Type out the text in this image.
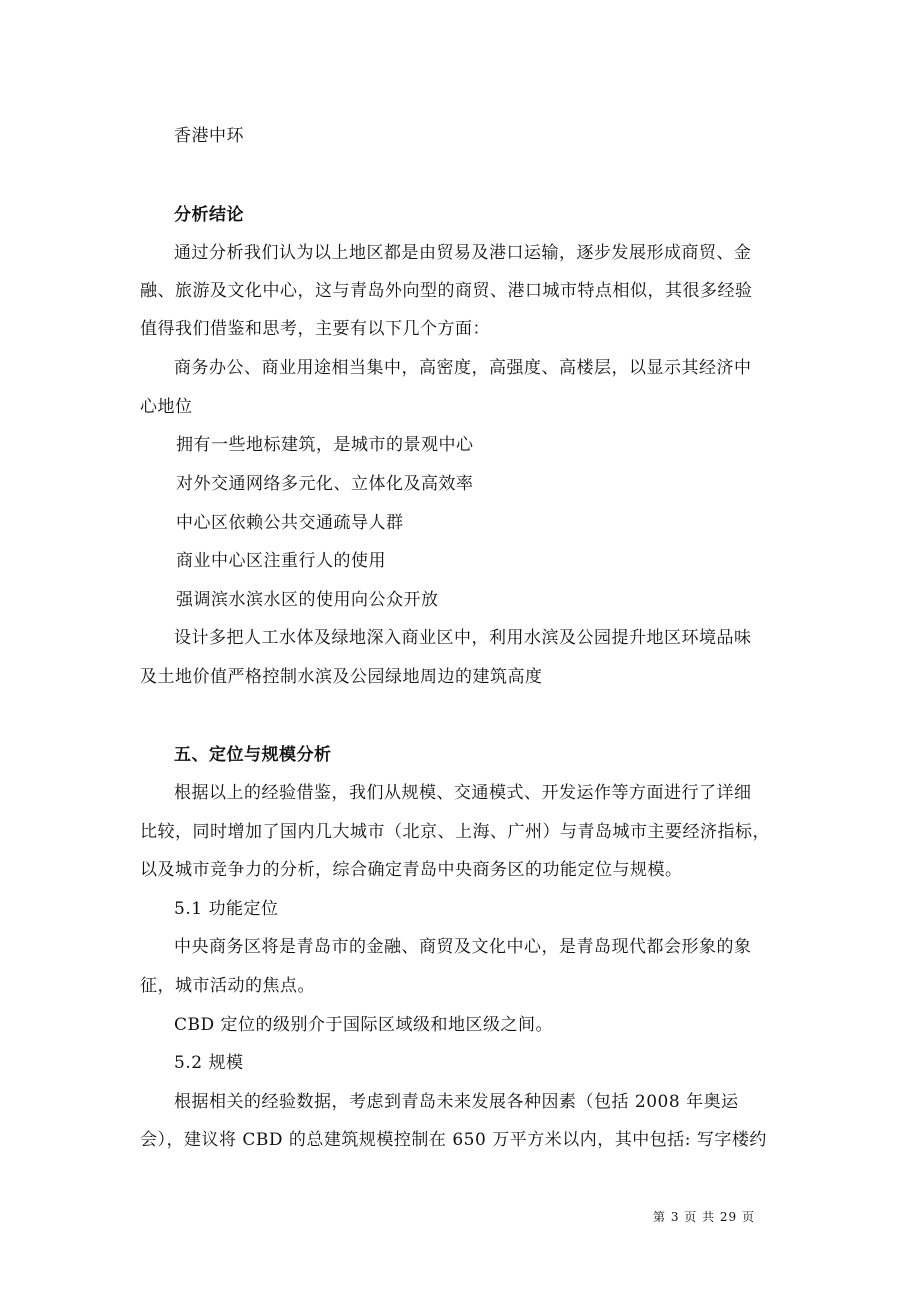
香港中环
分析结论
通过分析我们认为以上地区都是由贸易及港口运输，逐步发展形成商贸、金
融、旅游及文化中心，这与青岛外向型的商贸、港口城市特点相似，其很多经验
值得我们借鉴和思考，主要有以下几个方面：
商务办公、商业用途相当集中，高密度，高强度、高楼层，以显示其经济中
心地位
拥有一些地标建筑，是城市的景观中心
对外交通网络多元化、立体化及高效率
中心区依赖公共交通疏导人群
商业中心区注重行人的使用
强调滨水滨水区的使用向公众开放
设计多把人工水体及绿地深入商业区中，利用水滨及公园提升地区环境品味
及土地价值严格控制水滨及公园绿地周边的建筑高度
五、定位与规模分析
根据以上的经验借鉴，我们从规模、交通模式、开发运作等方面进行了详细
比较，同时增加了国内几大城市（北京、上海、广州）与青岛城市主要经济指标，
以及城市竞争力的分析，综合确定青岛中央商务区的功能定位与规模。
5.1 功能定位
中央商务区将是青岛市的金融、商贸及文化中心，是青岛现代都会形象的象
征，城市活动的焦点。
CBD 定位的级别介于国际区域级和地区级之间。
5.2 规模
根据相关的经验数据，考虑到青岛未来发展各种因素（包括 2008 年奥运
会），建议将 CBD 的总建筑规模控制在 650 万平方米以内，其中包括: 写字楼约
第 3 页 共 29 页
